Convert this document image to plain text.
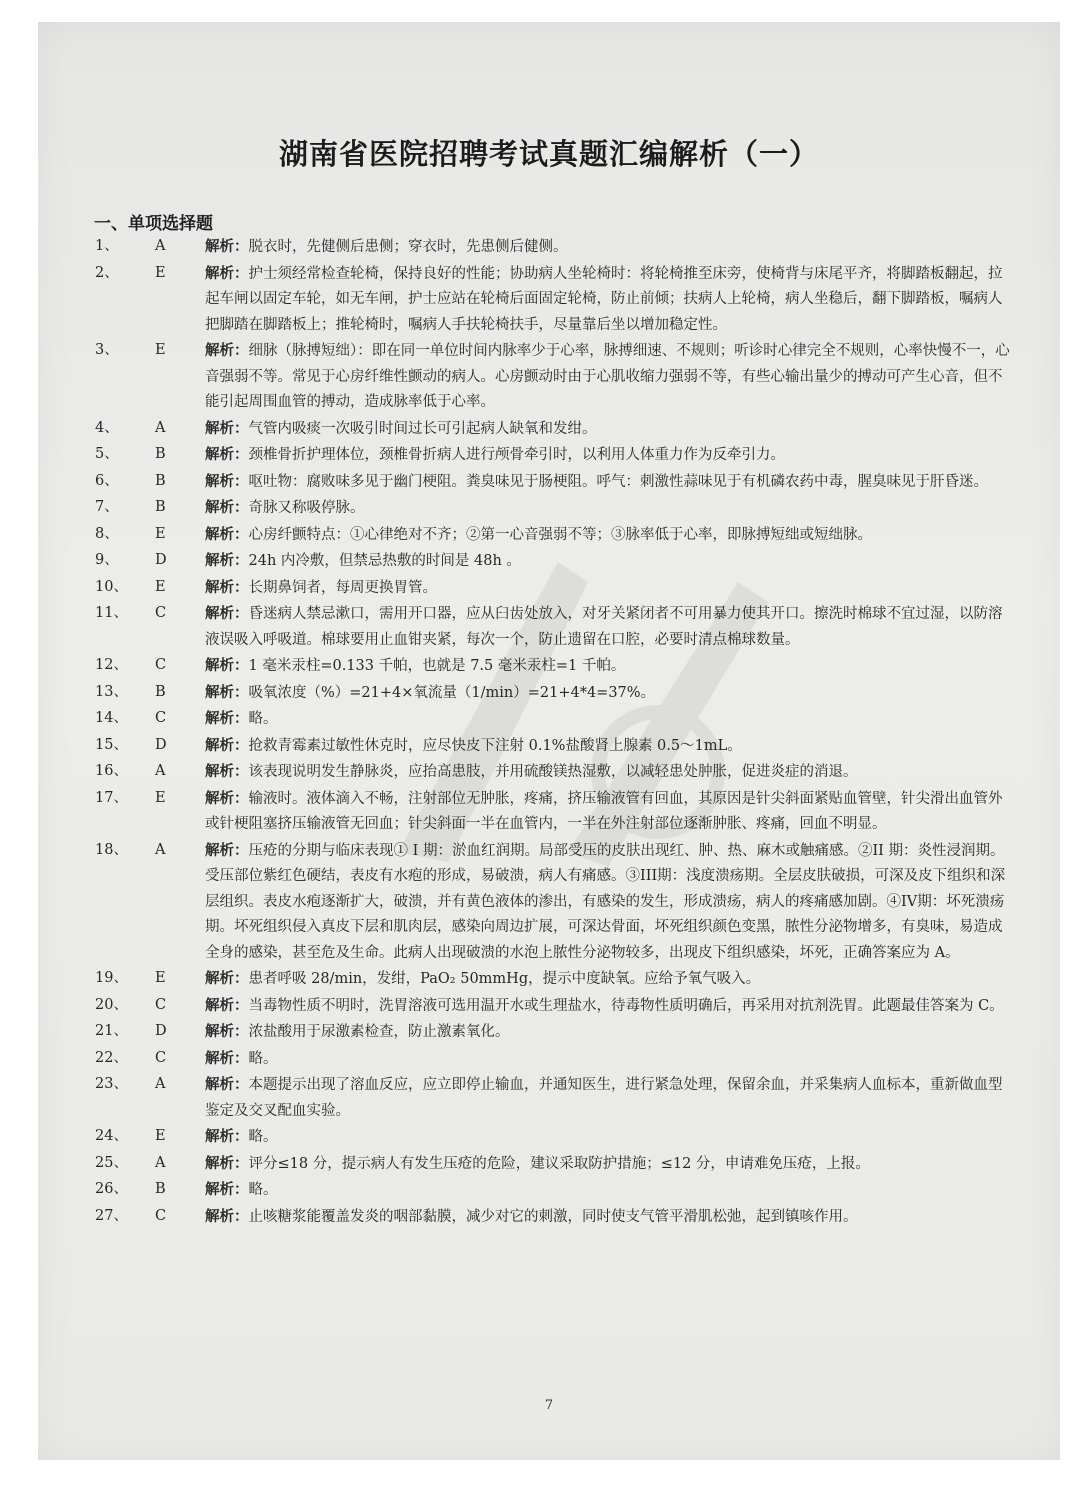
湖南省医院招聘考试真题汇编解析（一）
一、单项选择题
1、	A	解析：脱衣时，先健侧后患侧；穿衣时，先患侧后健侧。
2、	E	解析：护士须经常检查轮椅，保持良好的性能；协助病人坐轮椅时：将轮椅推至床旁，使椅背与床尾平齐，将脚踏板翻起，拉起车闸以固定车轮，如无车闸，护士应站在轮椅后面固定轮椅，防止前倾；扶病人上轮椅，病人坐稳后，翻下脚踏板，嘱病人把脚踏在脚踏板上；推轮椅时，嘱病人手扶轮椅扶手，尽量靠后坐以增加稳定性。
3、	E	解析：细脉（脉搏短绌）：即在同一单位时间内脉率少于心率，脉搏细速、不规则；听诊时心律完全不规则，心率快慢不一，心音强弱不等。常见于心房纤维性颤动的病人。心房颤动时由于心肌收缩力强弱不等，有些心输出量少的搏动可产生心音，但不能引起周围血管的搏动，造成脉率低于心率。
4、	A	解析：气管内吸痰一次吸引时间过长可引起病人缺氧和发绀。
5、	B	解析：颈椎骨折护理体位，颈椎骨折病人进行颅骨牵引时，以利用人体重力作为反牵引力。
6、	B	解析：呕吐物：腐败味多见于幽门梗阻。粪臭味见于肠梗阻。呼气：刺激性蒜味见于有机磷农药中毒，腥臭味见于肝昏迷。
7、	B	解析：奇脉又称吸停脉。
8、	E	解析：心房纤颤特点：①心律绝对不齐；②第一心音强弱不等；③脉率低于心率，即脉搏短绌或短绌脉。
9、	D	解析：24h 内冷敷，但禁忌热敷的时间是 48h 。
10、	E	解析：长期鼻饲者，每周更换胃管。
11、	C	解析：昏迷病人禁忌漱口，需用开口器，应从臼齿处放入，对牙关紧闭者不可用暴力使其开口。擦洗时棉球不宜过湿，以防溶液误吸入呼吸道。棉球要用止血钳夹紧，每次一个，防止遗留在口腔，必要时清点棉球数量。
12、	C	解析：1 毫米汞柱=0.133 千帕，也就是 7.5 毫米汞柱=1 千帕。
13、	B	解析：吸氧浓度（%）=21+4×氧流量（1/min）=21+4*4=37%。
14、	C	解析：略。
15、	D	解析：抢救青霉素过敏性休克时，应尽快皮下注射 0.1%盐酸肾上腺素 0.5～1mL。
16、	A	解析：该表现说明发生静脉炎，应抬高患肢，并用硫酸镁热湿敷，以减轻患处肿胀，促进炎症的消退。
17、	E	解析：输液时。液体滴入不畅，注射部位无肿胀，疼痛，挤压输液管有回血，其原因是针尖斜面紧贴血管壁，针尖滑出血管外或针梗阻塞挤压输液管无回血；针尖斜面一半在血管内，一半在外注射部位逐渐肿胀、疼痛，回血不明显。
18、	A	解析：压疮的分期与临床表现① I 期：淤血红润期。局部受压的皮肤出现红、肿、热、麻木或触痛感。②II 期：炎性浸润期。受压部位紫红色硬结，表皮有水疱的形成，易破溃，病人有痛感。③III期：浅度溃疡期。全层皮肤破损，可深及皮下组织和深层组织。表皮水疱逐渐扩大，破溃，并有黄色液体的渗出，有感染的发生，形成溃疡，病人的疼痛感加剧。④IV期：坏死溃疡期。坏死组织侵入真皮下层和肌肉层，感染向周边扩展，可深达骨面，坏死组织颜色变黑，脓性分泌物增多，有臭味，易造成全身的感染，甚至危及生命。此病人出现破溃的水泡上脓性分泌物较多，出现皮下组织感染，坏死，正确答案应为 A。
19、	E	解析：患者呼吸 28/min，发绀，PaO₂ 50mmHg，提示中度缺氧。应给予氧气吸入。
20、	C	解析：当毒物性质不明时，洗胃溶液可选用温开水或生理盐水，待毒物性质明确后，再采用对抗剂洗胃。此题最佳答案为 C。
21、	D	解析：浓盐酸用于尿激素检查，防止激素氧化。
22、	C	解析：略。
23、	A	解析：本题提示出现了溶血反应，应立即停止输血，并通知医生，进行紧急处理，保留余血，并采集病人血标本，重新做血型鉴定及交叉配血实验。
24、	E	解析：略。
25、	A	解析：评分≤18 分，提示病人有发生压疮的危险，建议采取防护措施；≤12 分，申请难免压疮，上报。
26、	B	解析：略。
27、	C	解析：止咳糖浆能覆盖发炎的咽部黏膜，减少对它的刺激，同时使支气管平滑肌松弛，起到镇咳作用。
7
